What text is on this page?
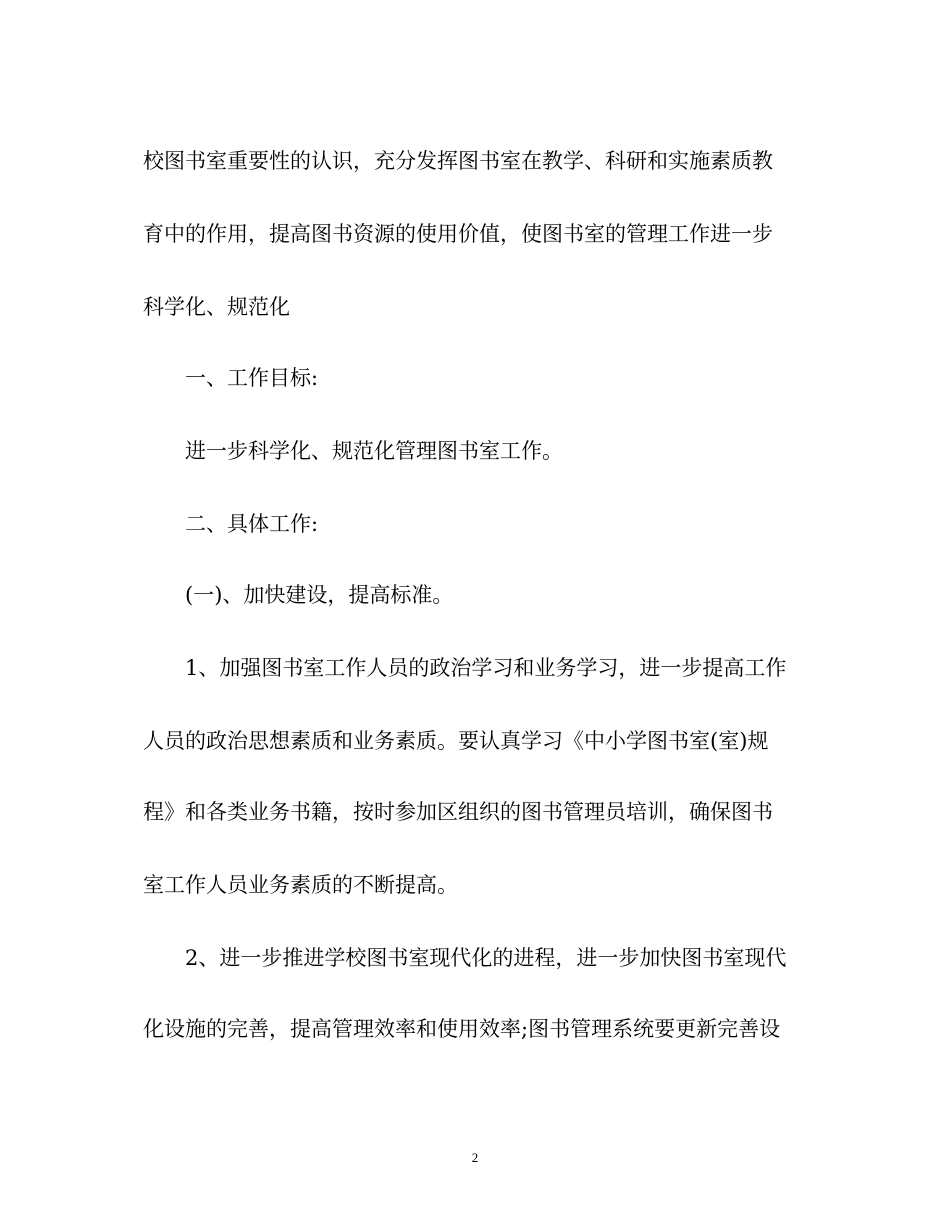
校图书室重要性的认识，充分发挥图书室在教学、科研和实施素质教
育中的作用，提高图书资源的使用价值，使图书室的管理工作进一步
科学化、规范化
一、工作目标:
进一步科学化、规范化管理图书室工作。
二、具体工作:
(一)、加快建设，提高标准。
1、加强图书室工作人员的政治学习和业务学习，进一步提高工作
人员的政治思想素质和业务素质。要认真学习《中小学图书室(室)规
程》和各类业务书籍，按时参加区组织的图书管理员培训，确保图书
室工作人员业务素质的不断提高。
2、进一步推进学校图书室现代化的进程，进一步加快图书室现代
化设施的完善，提高管理效率和使用效率;图书管理系统要更新完善设
2
